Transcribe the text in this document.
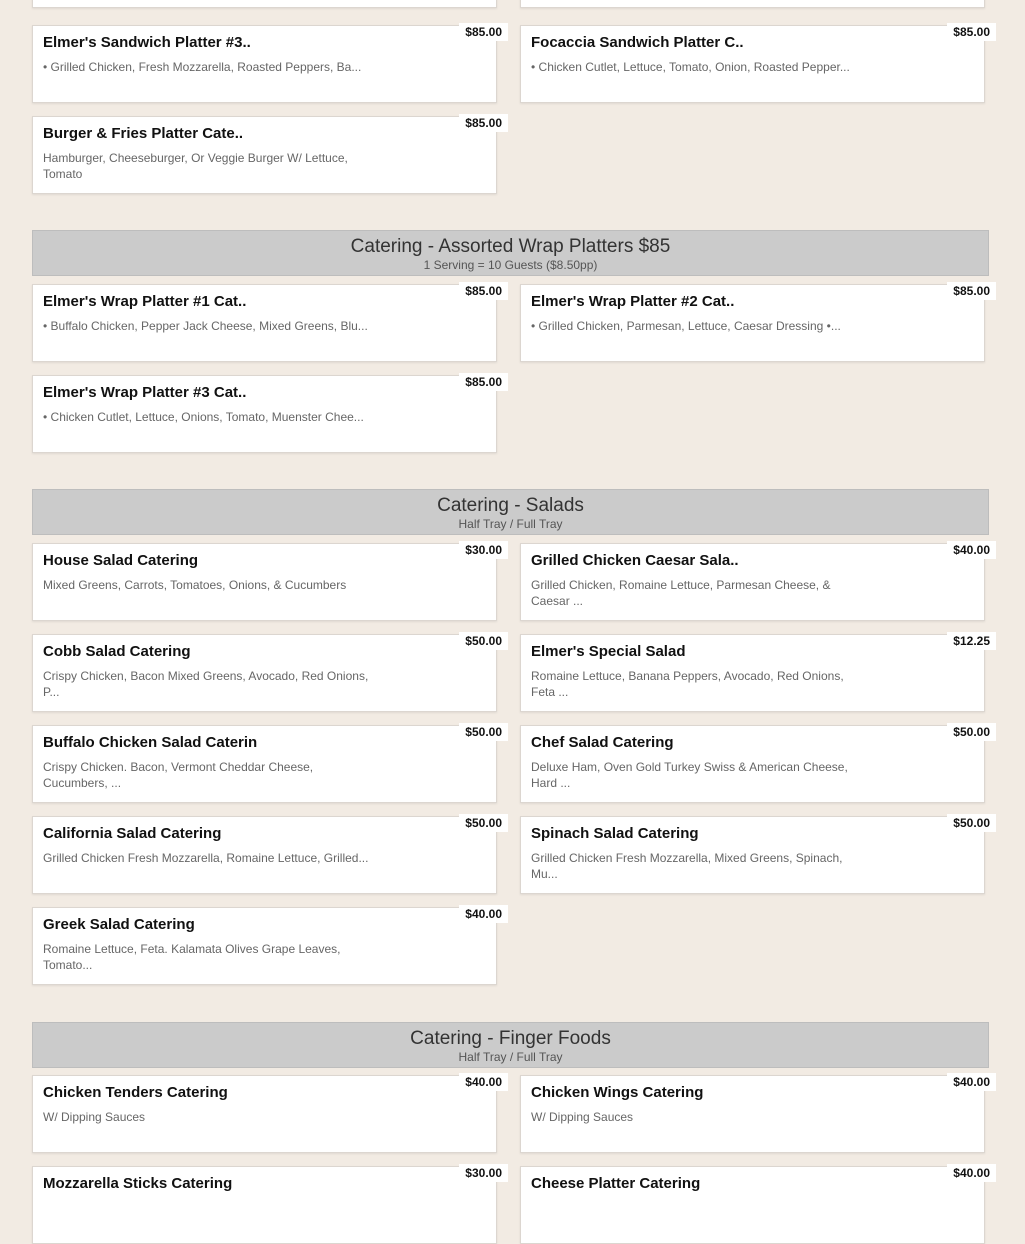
Elmer's Sandwich Platter #3..
• Grilled Chicken, Fresh Mozzarella, Roasted Peppers, Ba...
$85.00
Focaccia Sandwich Platter C..
• Chicken Cutlet, Lettuce, Tomato, Onion, Roasted Pepper...
$85.00
Burger & Fries Platter Cate..
Hamburger, Cheeseburger, Or Veggie Burger W/ Lettuce, Tomato
$85.00
Catering - Assorted Wrap Platters $85
1 Serving = 10 Guests ($8.50pp)
Elmer's Wrap Platter #1 Cat..
• Buffalo Chicken, Pepper Jack Cheese, Mixed Greens, Blu...
$85.00
Elmer's Wrap Platter #2 Cat..
• Grilled Chicken, Parmesan, Lettuce, Caesar Dressing •...
$85.00
Elmer's Wrap Platter #3 Cat..
• Chicken Cutlet, Lettuce, Onions, Tomato, Muenster Chee...
$85.00
Catering - Salads
Half Tray / Full Tray
House Salad Catering
Mixed Greens, Carrots, Tomatoes, Onions, & Cucumbers
$30.00
Grilled Chicken Caesar Sala..
Grilled Chicken, Romaine Lettuce, Parmesan Cheese, & Caesar ...
$40.00
Cobb Salad Catering
Crispy Chicken, Bacon Mixed Greens, Avocado, Red Onions, P...
$50.00
Elmer's Special Salad
Romaine Lettuce, Banana Peppers, Avocado, Red Onions, Feta ...
$12.25
Buffalo Chicken Salad Caterin
Crispy Chicken. Bacon, Vermont Cheddar Cheese, Cucumbers, ...
$50.00
Chef Salad Catering
Deluxe Ham, Oven Gold Turkey Swiss & American Cheese, Hard ...
$50.00
California Salad Catering
Grilled Chicken Fresh Mozzarella, Romaine Lettuce, Grilled...
$50.00
Spinach Salad Catering
Grilled Chicken Fresh Mozzarella, Mixed Greens, Spinach, Mu...
$50.00
Greek Salad Catering
Romaine Lettuce, Feta. Kalamata Olives Grape Leaves, Tomato...
$40.00
Catering - Finger Foods
Half Tray / Full Tray
Chicken Tenders Catering
W/ Dipping Sauces
$40.00
Chicken Wings Catering
W/ Dipping Sauces
$40.00
Mozzarella Sticks Catering
$30.00
Cheese Platter Catering
$40.00
